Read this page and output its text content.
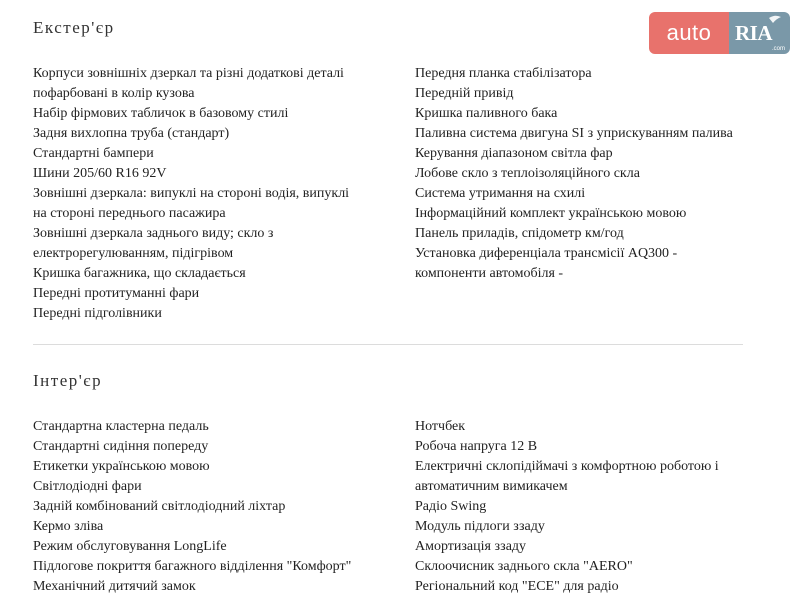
auto	RIA
.com
Екстер'єр
Корпуси зовнішніх дзеркал та різні додаткові деталі
пофарбовані в колір кузова
Набір фірмових табличок в базовому стилі
Задня вихлопна труба (стандарт)
Стандартні бампери
Шини 205/60 R16 92V
Зовнішні дзеркала: випуклі на стороні водія, випуклі
на стороні переднього пасажира
Зовнішні дзеркала заднього виду; скло з
електрорегулюванням, підігрівом
Кришка багажника, що складається
Передні протитуманні фари
Передні підголівники
Передня планка стабілізатора
Передній привід
Кришка паливного бака
Паливна система двигуна SI з уприскуванням палива
Керування діапазоном світла фар
Лобове скло з теплоізоляційного скла
Система утримання на схилі
Інформаційний комплект українською мовою
Панель приладів, спідометр км/год
Установка диференціала трансмісії AQ300 -
компоненти автомобіля -
Інтер'єр
Стандартна кластерна педаль
Стандартні сидіння попереду
Етикетки українською мовою
Світлодіодні фари
Задній комбінований світлодіодний ліхтар
Кермо зліва
Режим обслуговування LongLife
Підлогове покриття багажного відділення "Комфорт"
Механічний дитячий замок
Нотчбек
Робоча напруга 12 В
Електричні склопідіймачі з комфортною роботою і
автоматичним вимикачем
Радіо Swing
Модуль підлоги ззаду
Амортизація ззаду
Склоочисник заднього скла "AERO"
Регіональний код "ECE" для радіо
